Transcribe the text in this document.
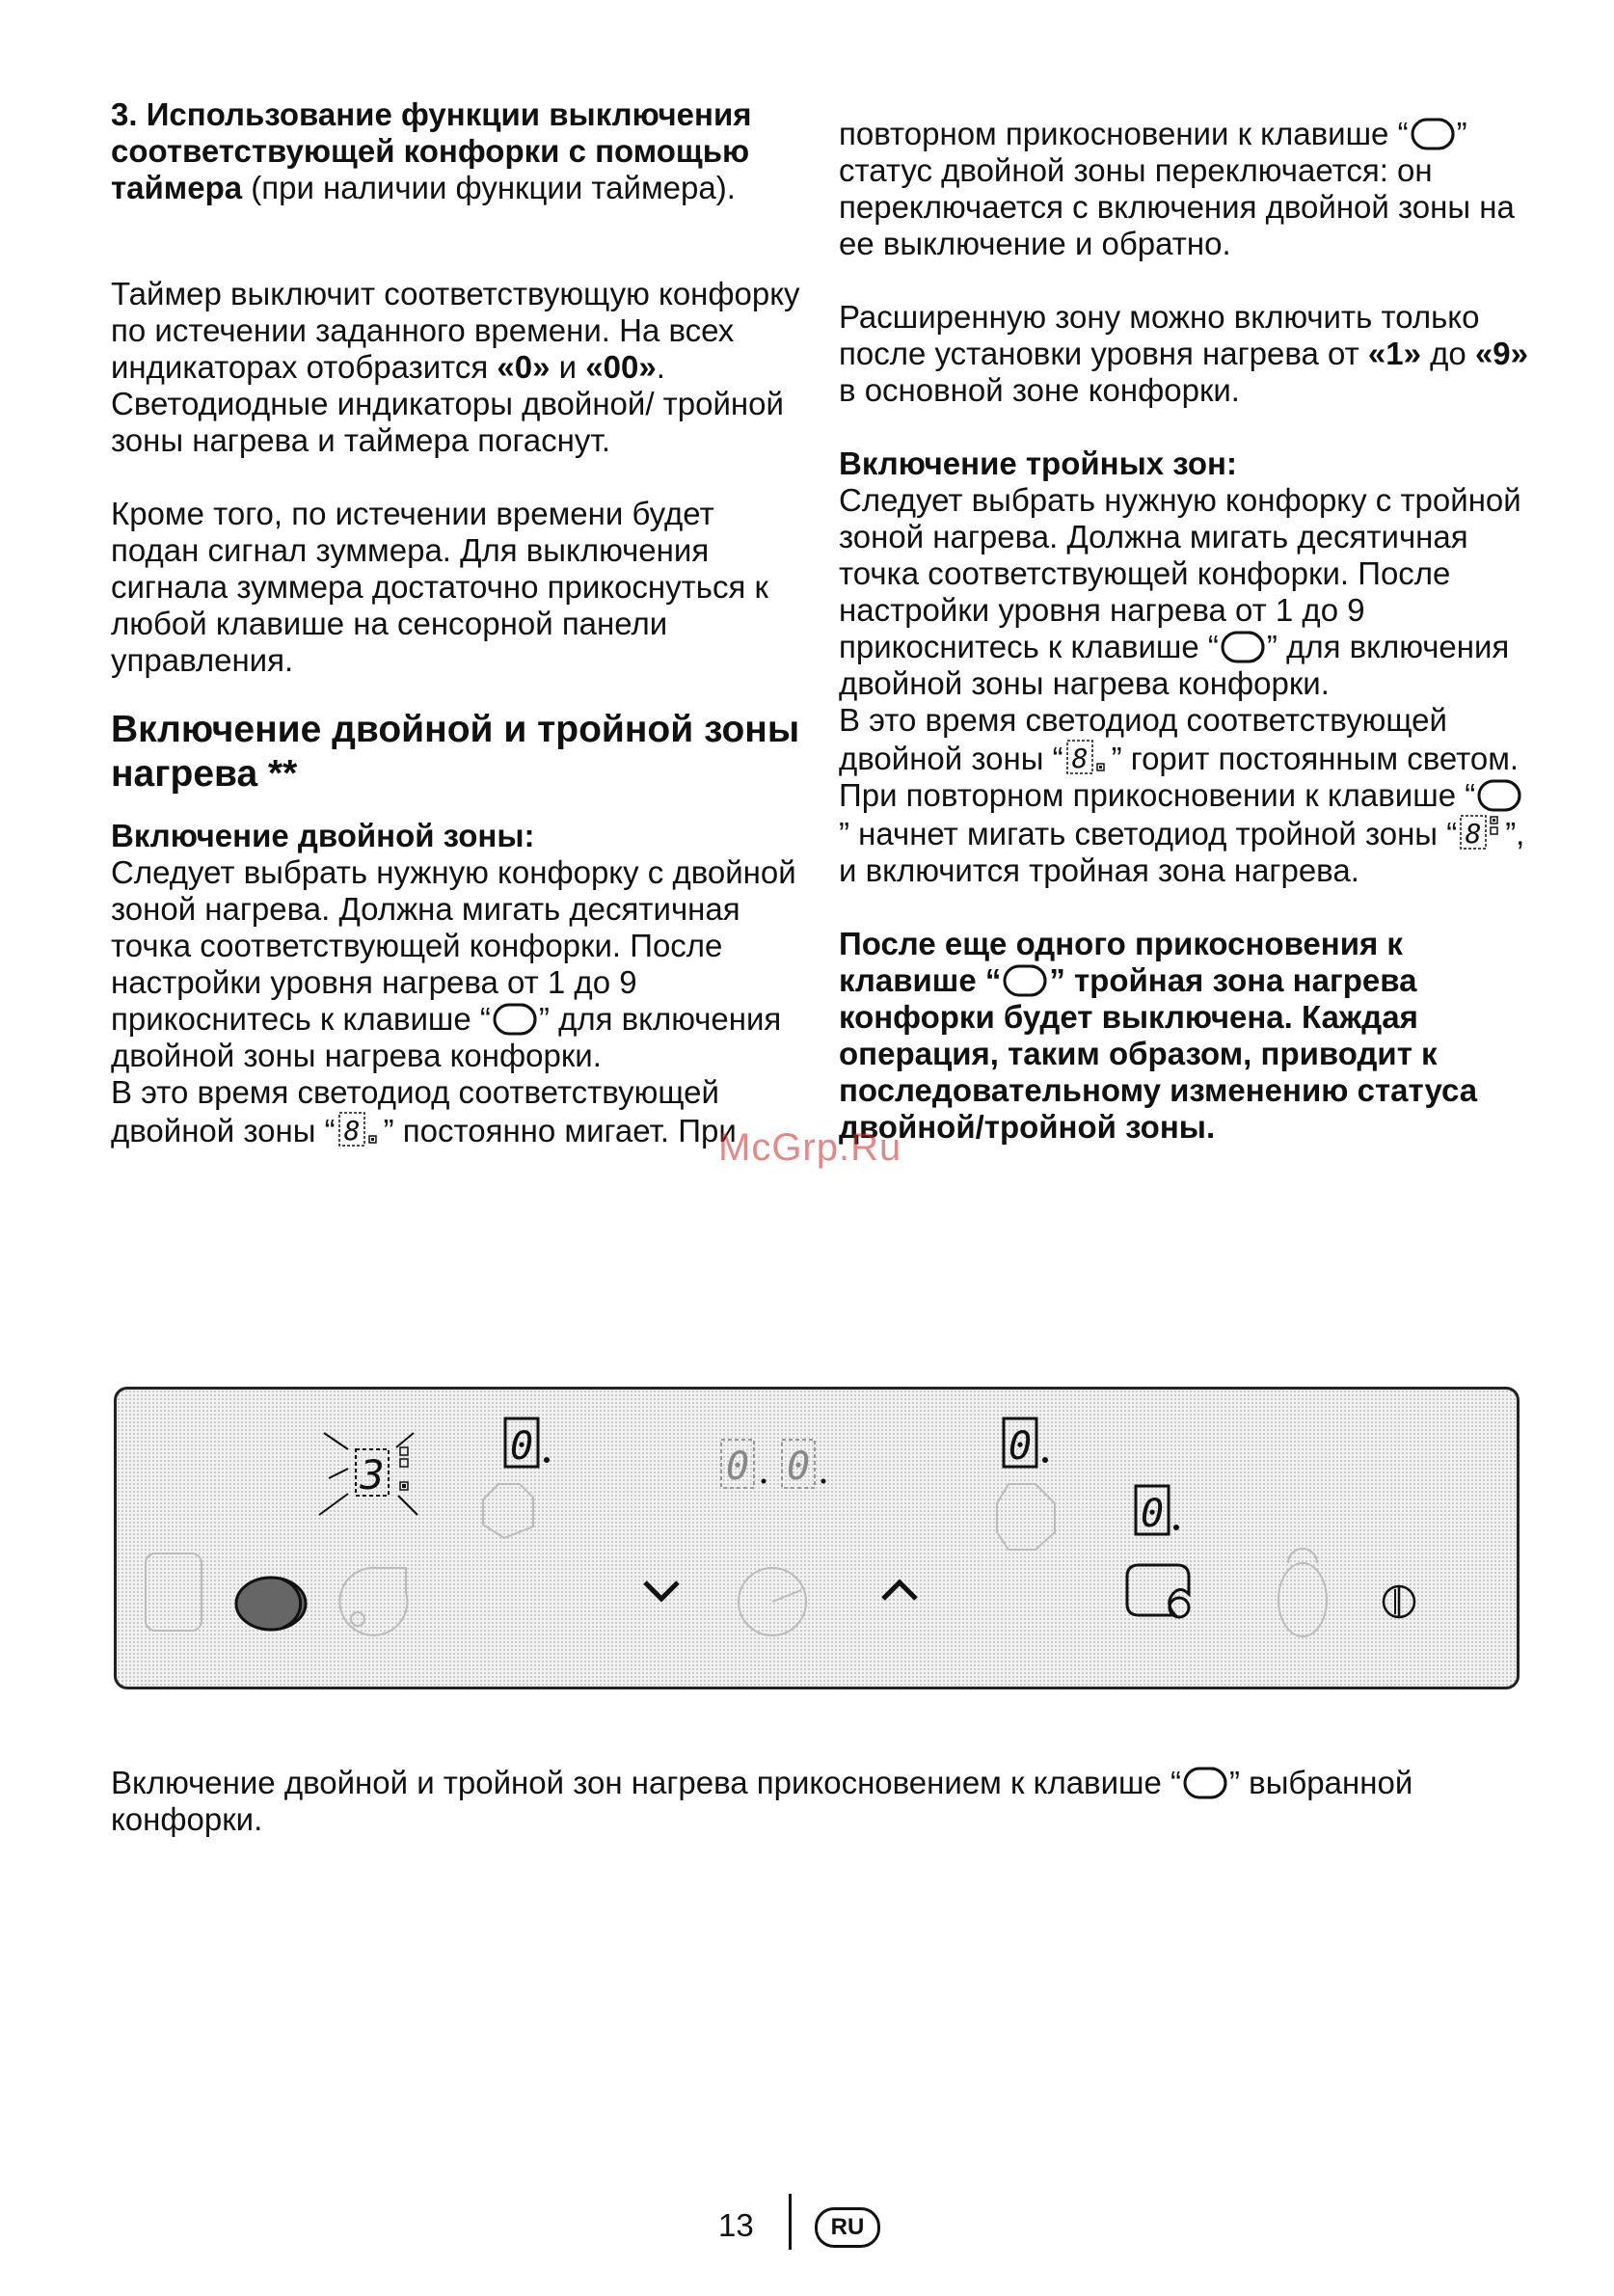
3. Использование функции выключения соответствующей конфорки с помощью таймера (при наличии функции таймера).

Таймер выключит соответствующую конфорку по истечении заданного времени. На всех индикаторах отобразится «0» и «00». Светодиодные индикаторы двойной/ тройной зоны нагрева и таймера погаснут.

Кроме того, по истечении времени будет подан сигнал зуммера. Для выключения сигнала зуммера достаточно прикоснуться к любой клавише на сенсорной панели управления.

Включение двойной и тройной зоны нагрева **

Включение двойной зоны:

Следует выбрать нужную конфорку с двойной зоной нагрева. Должна мигать десятичная точка соответствующей конфорки. После настройки уровня нагрева от 1 до 9 прикоснитесь к клавише “ ” для включения двойной зоны нагрева конфорки.

В это время светодиод соответствующей двойной зоны “ ” постоянно мигает. При

повторном прикосновении к клавише “ ” статус двойной зоны переключается: он переключается с включения двойной зоны на ее выключение и обратно.

Расширенную зону можно включить только после установки уровня нагрева от «1» до «9» в основной зоне конфорки.

Включение тройных зон:

Следует выбрать нужную конфорку с тройной зоной нагрева. Должна мигать десятичная точка соответствующей конфорки. После настройки уровня нагрева от 1 до 9 прикоснитесь к клавише “ ” для включения двойной зоны нагрева конфорки.

В это время светодиод соответствующей двойной зоны “ ” горит постоянным светом. При повторном прикосновении к клавише “” начнет мигать светодиод тройной зоны “ ”, и включится тройная зона нагрева.

После еще одного прикосновения к клавише “ ” тройная зона нагрева конфорки будет выключена. Каждая операция, таким образом, приводит к последовательному изменению статуса двойной/тройной зоны.

McGrp.Ru
3
0	0 0	0
0

Включение двойной и тройной зон нагрева прикосновением к клавише “ ” выбранной конфорки.

13	RU
